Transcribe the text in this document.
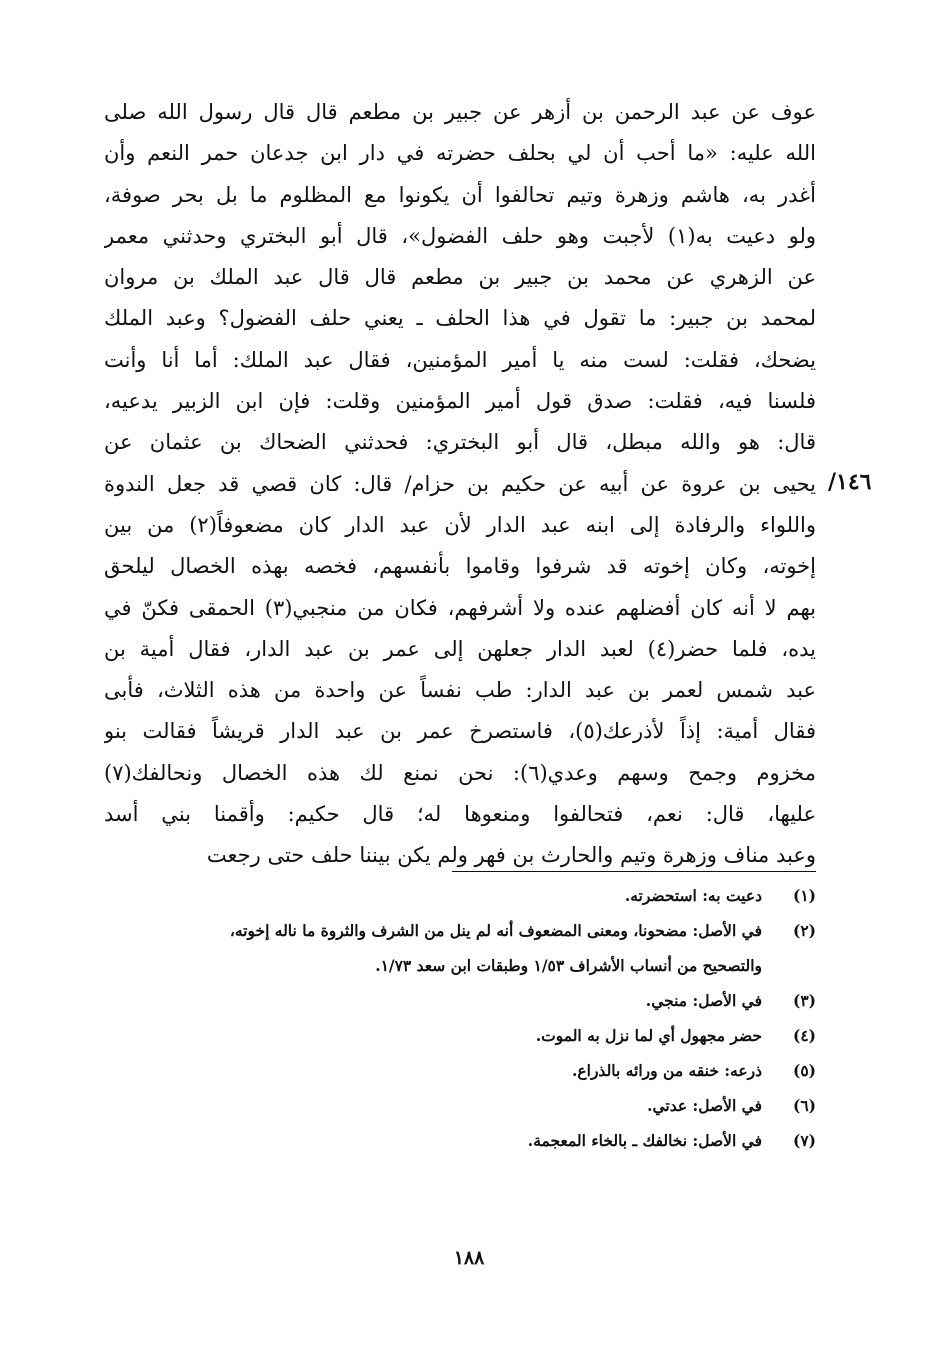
عوف عن عبد الرحمن بن أزهر عن جبير بن مطعم قال قال رسول الله صلى
الله عليه: «ما أحب أن لي بحلف حضرته في دار ابن جدعان حمر النعم وأن
أغدر به، هاشم وزهرة وتيم تحالفوا أن يكونوا مع المظلوم ما بل بحر صوفة،
ولو دعيت به(١) لأجبت وهو حلف الفضول»، قال أبو البختري وحدثني معمر
عن الزهري عن محمد بن جبير بن مطعم قال قال عبد الملك بن مروان
لمحمد بن جبير: ما تقول في هذا الحلف ـ يعني حلف الفضول؟ وعبد الملك
يضحك، فقلت: لست منه يا أمير المؤمنين، فقال عبد الملك: أما أنا وأنت
فلسنا فيه، فقلت: صدق قول أمير المؤمنين وقلت: فإن ابن الزبير يدعيه،
قال: هو والله مبطل، قال أبو البختري: فحدثني الضحاك بن عثمان عن
يحيى بن عروة عن أبيه عن حكيم بن حزام/ قال: كان قصي قد جعل الندوة
واللواء والرفادة إلى ابنه عبد الدار لأن عبد الدار كان مضعوفاً(٢) من بين
إخوته، وكان إخوته قد شرفوا وقاموا بأنفسهم، فخصه بهذه الخصال ليلحق
بهم لا أنه كان أفضلهم عنده ولا أشرفهم، فكان من منجبي(٣) الحمقى فكنّ في
يده، فلما حضر(٤) لعبد الدار جعلهن إلى عمر بن عبد الدار، فقال أمية بن
عبد شمس لعمر بن عبد الدار: طب نفساً عن واحدة من هذه الثلاث، فأبى
فقال أمية: إذاً لأذرعك(٥)، فاستصرخ عمر بن عبد الدار قريشاً فقالت بنو
مخزوم وجمح وسهم وعدي(٦): نحن نمنع لك هذه الخصال ونحالفك(٧)
عليها، قال: نعم، فتحالفوا ومنعوها له؛ قال حكيم: وأقمنا بني أسد
وعبد مناف وزهرة وتيم والحارث بن فهر ولم يكن بيننا حلف حتى رجعت
١٤٦/
(١)
دعيت به: استحضرته.
(٢)
في الأصل: مضحونا، ومعنى المضعوف أنه لم ينل من الشرف والثروة ما ناله إخوته،
والتصحيح من أنساب الأشراف ١/٥٣ وطبقات ابن سعد ١/٧٣.
(٣)
في الأصل: منجي.
(٤)
حضر مجهول أي لما نزل به الموت.
(٥)
ذرعه: خنقه من ورائه بالذراع.
(٦)
في الأصل: عدتي.
(٧)
في الأصل: نخالفك ـ بالخاء المعجمة.
١٨٨
